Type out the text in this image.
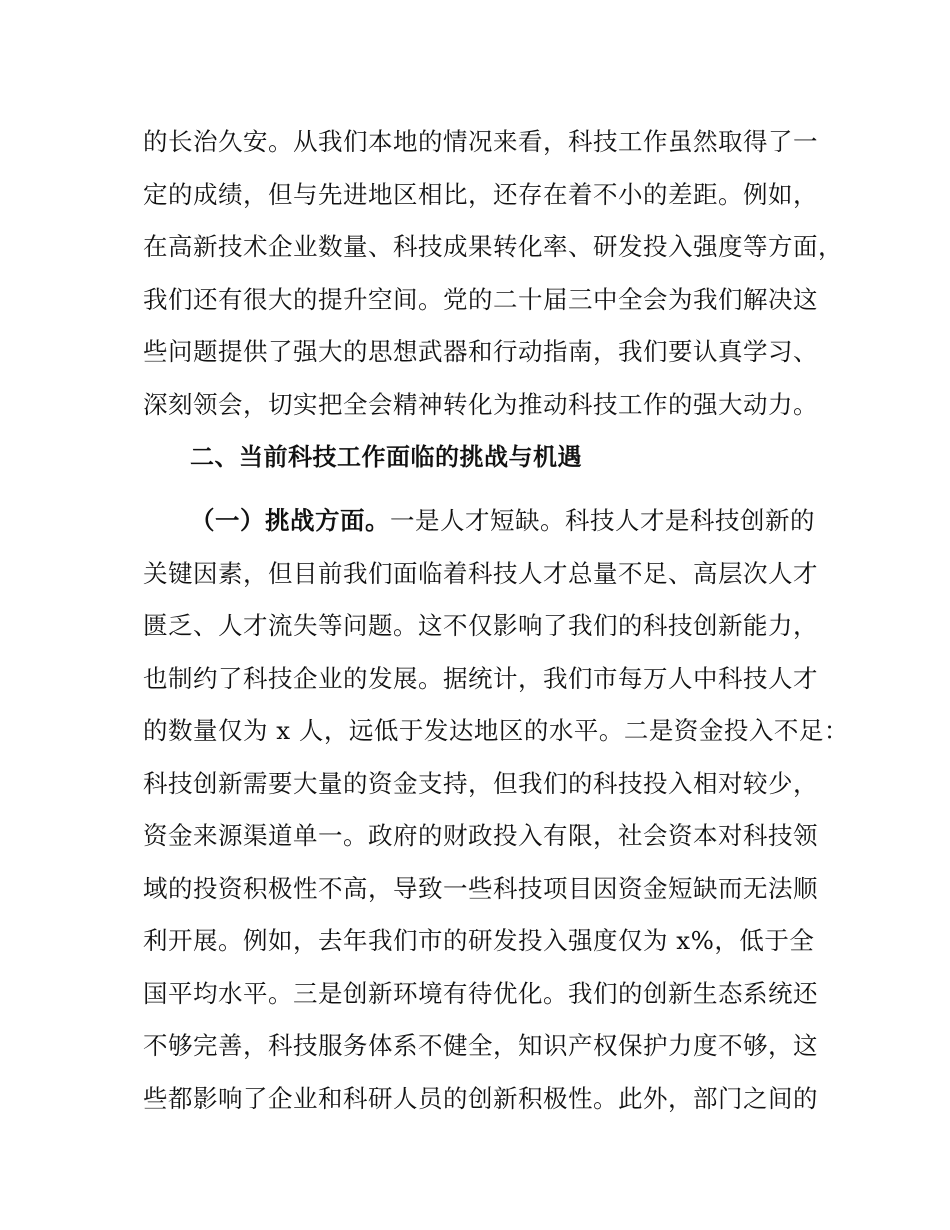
的长治久安。从我们本地的情况来看，科技工作虽然取得了一
定的成绩，但与先进地区相比，还存在着不小的差距。例如，
在高新技术企业数量、科技成果转化率、研发投入强度等方面，
我们还有很大的提升空间。党的二十届三中全会为我们解决这
些问题提供了强大的思想武器和行动指南，我们要认真学习、
深刻领会，切实把全会精神转化为推动科技工作的强大动力。
二、当前科技工作面临的挑战与机遇
（一）挑战方面。一是人才短缺。科技人才是科技创新的
关键因素，但目前我们面临着科技人才总量不足、高层次人才
匮乏、人才流失等问题。这不仅影响了我们的科技创新能力，
也制约了科技企业的发展。据统计，我们市每万人中科技人才
的数量仅为 x 人，远低于发达地区的水平。二是资金投入不足：
科技创新需要大量的资金支持，但我们的科技投入相对较少，
资金来源渠道单一。政府的财政投入有限，社会资本对科技领
域的投资积极性不高，导致一些科技项目因资金短缺而无法顺
利开展。例如，去年我们市的研发投入强度仅为 x%，低于全
国平均水平。三是创新环境有待优化。我们的创新生态系统还
不够完善，科技服务体系不健全，知识产权保护力度不够，这
些都影响了企业和科研人员的创新积极性。此外，部门之间的
